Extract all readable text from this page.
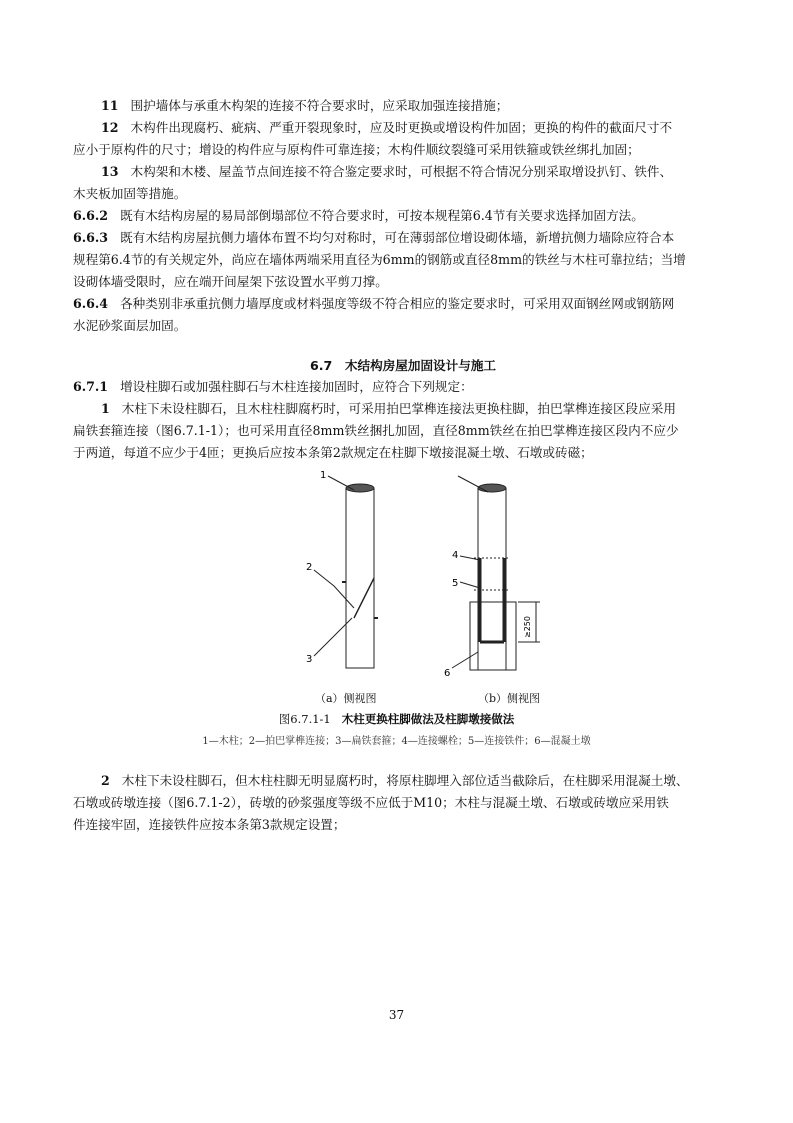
11 围护墙体与承重木构架的连接不符合要求时，应采取加强连接措施；
12 木构件出现腐朽、疵病、严重开裂现象时，应及时更换或增设构件加固；更换的构件的截面尺寸不
应小于原构件的尺寸；增设的构件应与原构件可靠连接；木构件顺纹裂缝可采用铁箍或铁丝绑扎加固；
13 木构架和木楼、屋盖节点间连接不符合鉴定要求时，可根据不符合情况分别采取增设扒钉、铁件、
木夹板加固等措施。
6.6.2 既有木结构房屋的易局部倒塌部位不符合要求时，可按本规程第6.4节有关要求选择加固方法。
6.6.3 既有木结构房屋抗侧力墙体布置不均匀对称时，可在薄弱部位增设砌体墙，新增抗侧力墙除应符合本
规程第6.4节的有关规定外，尚应在墙体两端采用直径为6mm的钢筋或直径8mm的铁丝与木柱可靠拉结；当增
设砌体墙受限时，应在端开间屋架下弦设置水平剪刀撑。
6.6.4 各种类别非承重抗侧力墙厚度或材料强度等级不符合相应的鉴定要求时，可采用双面钢丝网或钢筋网
水泥砂浆面层加固。
6.7　木结构房屋加固设计与施工
6.7.1 增设柱脚石或加强柱脚石与木柱连接加固时，应符合下列规定：
1 木柱下未设柱脚石，且木柱柱脚腐朽时，可采用拍巴掌榫连接法更换柱脚，拍巴掌榫连接区段应采用
扁铁套箍连接（图6.7.1-1）；也可采用直径8mm铁丝捆扎加固，直径8mm铁丝在拍巴掌榫连接区段内不应少
于两道，每道不应少于4匝；更换后应按本条第2款规定在柱脚下墩接混凝土墩、石墩或砖磁；
1
2
3
4
5
6
≥250
（a）侧视图	（b）侧视图
图6.7.1-1 木柱更换柱脚做法及柱脚墩接做法
1—木柱；2—拍巴掌榫连接；3—扁铁套箍；4—连接螺栓；5—连接铁件；6—混凝土墩
2 木柱下未设柱脚石，但木柱柱脚无明显腐朽时，将原柱脚埋入部位适当截除后，在柱脚采用混凝土墩、
石墩或砖墩连接（图6.7.1-2），砖墩的砂浆强度等级不应低于M10；木柱与混凝土墩、石墩或砖墩应采用铁
件连接牢固，连接铁件应按本条第3款规定设置；
37
